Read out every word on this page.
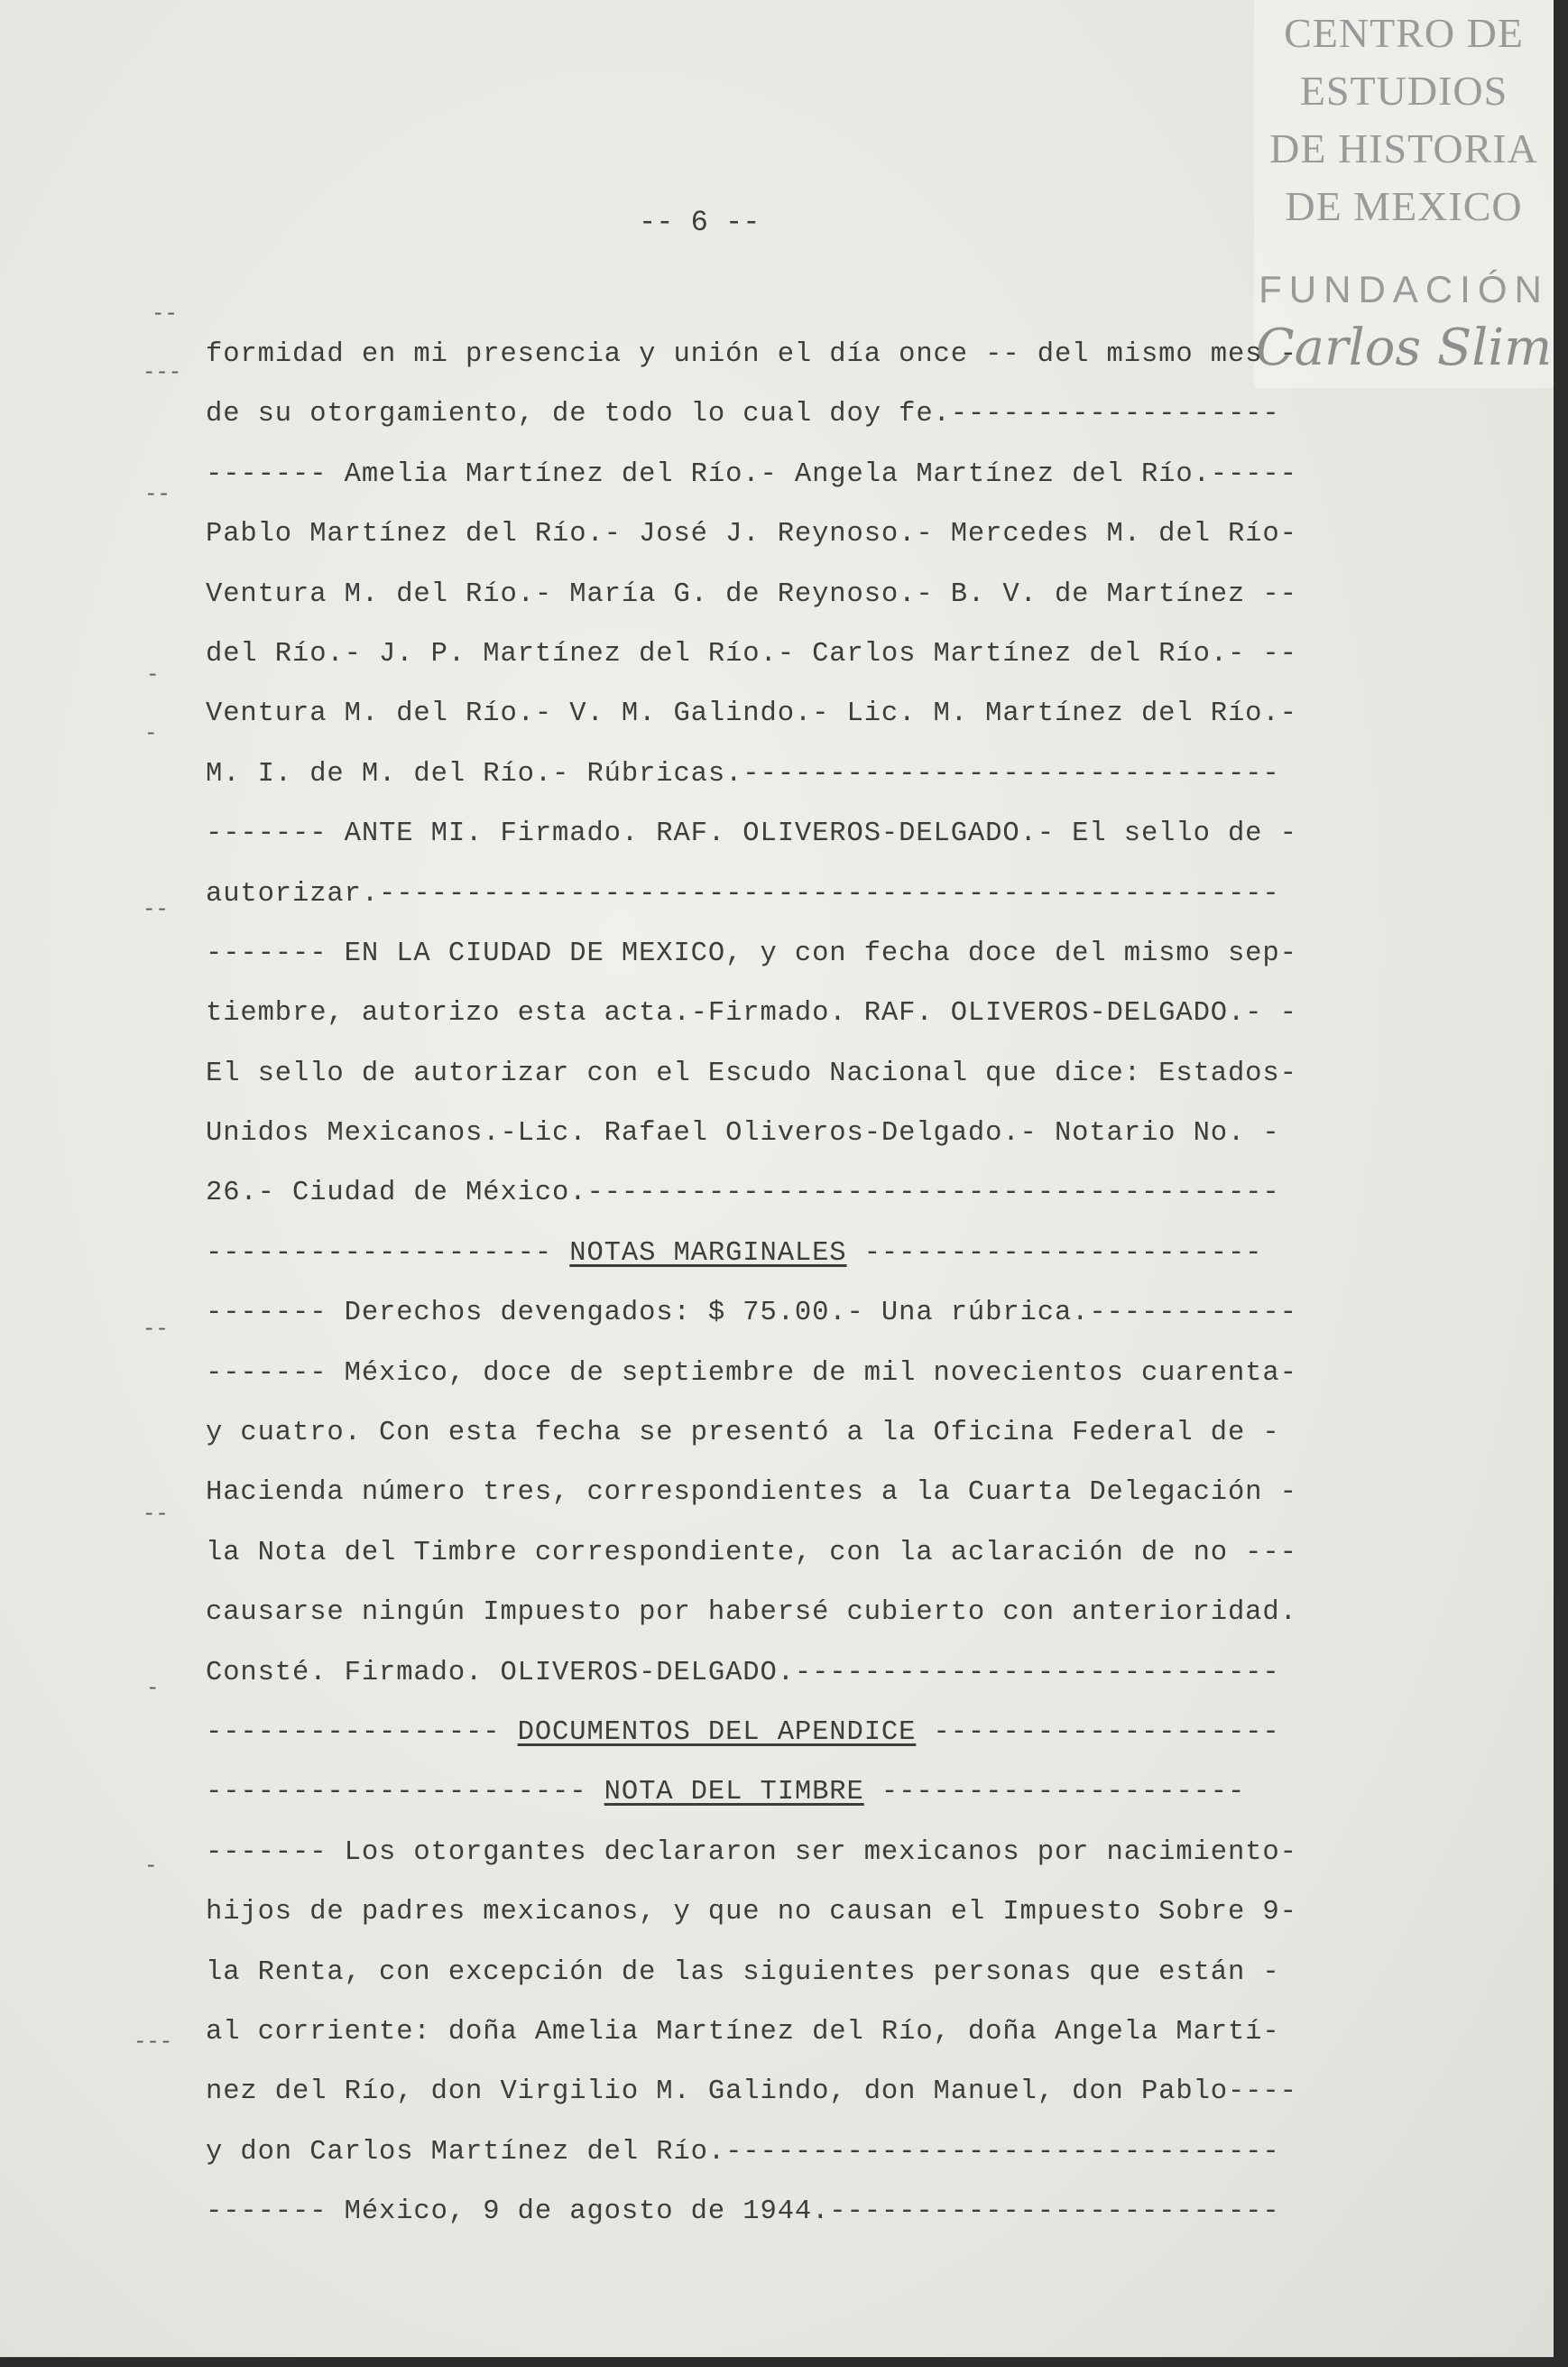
CENTRO DE
ESTUDIOS
DE HISTORIA
DE MEXICO
FUNDACIÓN
Carlos Slim
-- 6 --
--
---
--
-
-
--
--
--
-
-
---
formidad en mi presencia y unión el día once -- del mismo mes -
de su otorgamiento, de todo lo cual doy fe.-------------------
------- Amelia Martínez del Río.- Angela Martínez del Río.-----
Pablo Martínez del Río.- José J. Reynoso.- Mercedes M. del Río-
Ventura M. del Río.- María G. de Reynoso.- B. V. de Martínez --
del Río.- J. P. Martínez del Río.- Carlos Martínez del Río.- --
Ventura M. del Río.- V. M. Galindo.- Lic. M. Martínez del Río.-
M. I. de M. del Río.- Rúbricas.-------------------------------
------- ANTE MI. Firmado. RAF. OLIVEROS-DELGADO.- El sello de -
autorizar.----------------------------------------------------
------- EN LA CIUDAD DE MEXICO, y con fecha doce del mismo sep-
tiembre, autorizo esta acta.-Firmado. RAF. OLIVEROS-DELGADO.- -
El sello de autorizar con el Escudo Nacional que dice: Estados-
Unidos Mexicanos.-Lic. Rafael Oliveros-Delgado.- Notario No. -
26.- Ciudad de México.----------------------------------------
-------------------- NOTAS MARGINALES -----------------------
------- Derechos devengados: $ 75.00.- Una rúbrica.------------
------- México, doce de septiembre de mil novecientos cuarenta-
y cuatro. Con esta fecha se presentó a la Oficina Federal de -
Hacienda número tres, correspondientes a la Cuarta Delegación -
la Nota del Timbre correspondiente, con la aclaración de no ---
causarse ningún Impuesto por habersé cubierto con anterioridad.
Consté. Firmado. OLIVEROS-DELGADO.----------------------------
----------------- DOCUMENTOS DEL APENDICE --------------------
---------------------- NOTA DEL TIMBRE ---------------------
------- Los otorgantes declararon ser mexicanos por nacimiento-
hijos de padres mexicanos, y que no causan el Impuesto Sobre 9-
la Renta, con excepción de las siguientes personas que están -
al corriente: doña Amelia Martínez del Río, doña Angela Martí-
nez del Río, don Virgilio M. Galindo, don Manuel, don Pablo----
y don Carlos Martínez del Río.--------------------------------
------- México, 9 de agosto de 1944.--------------------------
